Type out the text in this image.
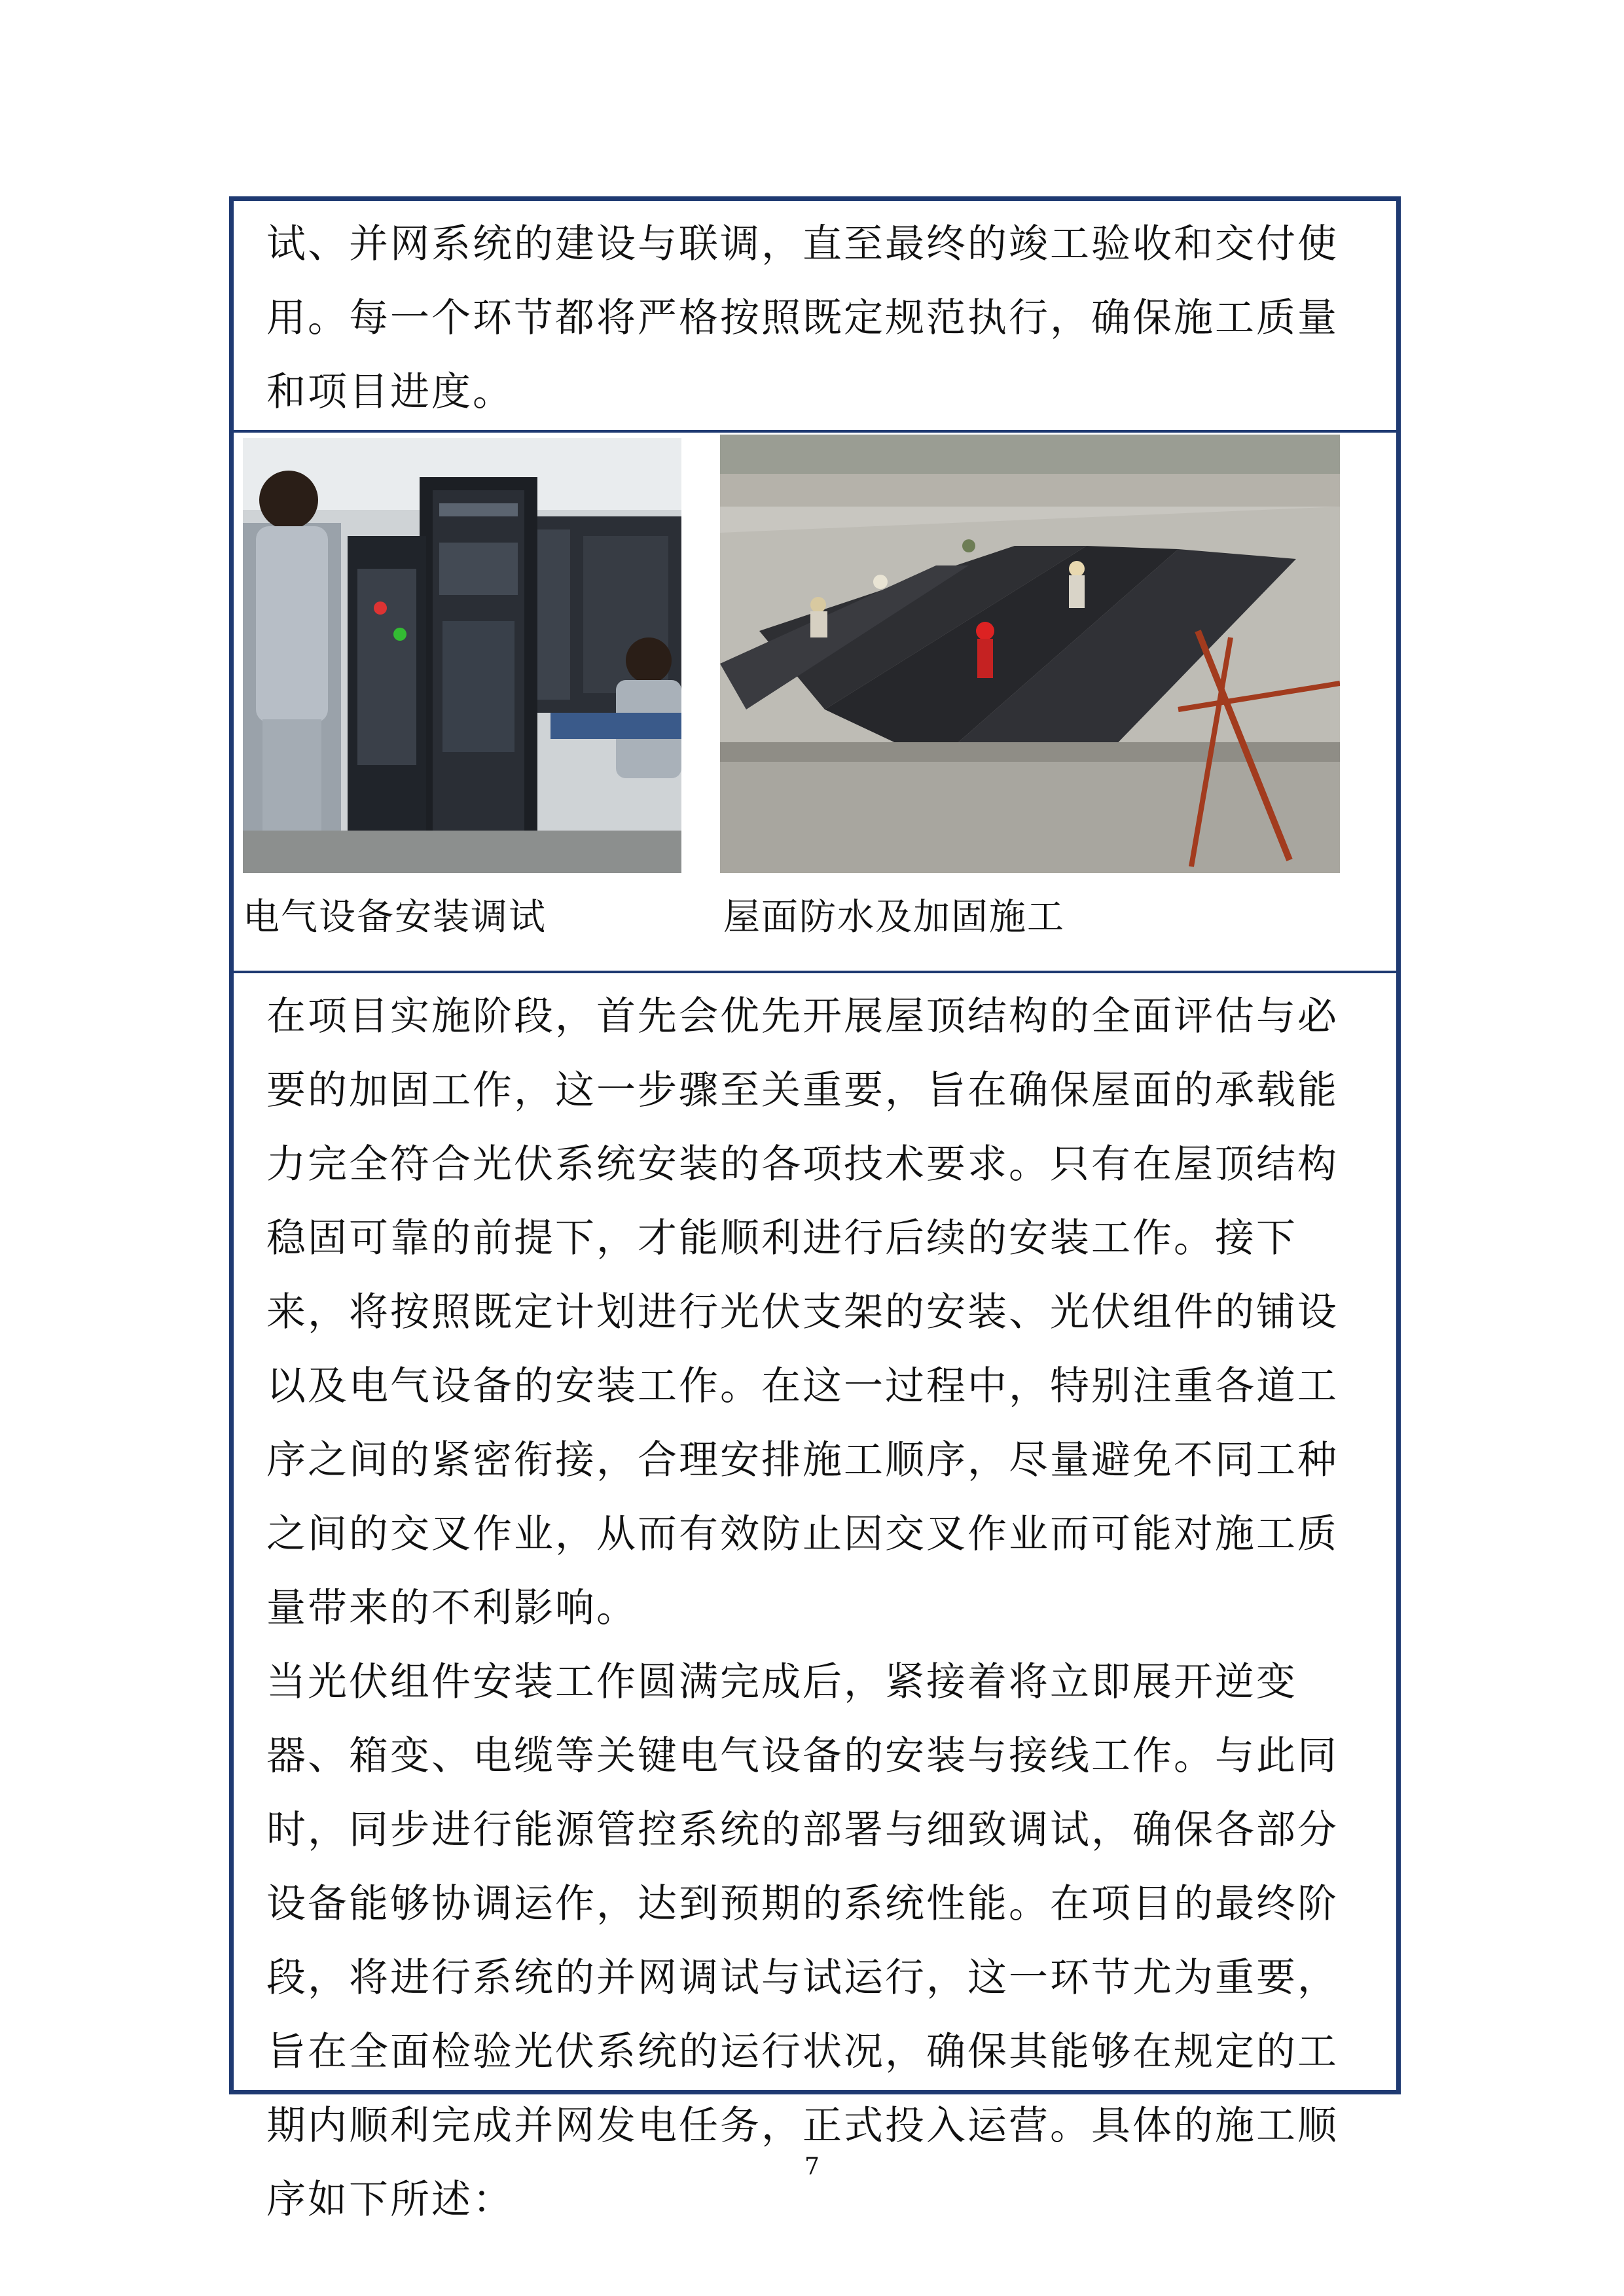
试、并网系统的建设与联调，直至最终的竣工验收和交付使用。每一个环节都将严格按照既定规范执行，确保施工质量和项目进度。

电气设备安装调试	屋面防水及加固施工

在项目实施阶段，首先会优先开展屋顶结构的全面评估与必要的加固工作，这一步骤至关重要，旨在确保屋面的承载能力完全符合光伏系统安装的各项技术要求。只有在屋顶结构稳固可靠的前提下，才能顺利进行后续的安装工作。接下来，将按照既定计划进行光伏支架的安装、光伏组件的铺设以及电气设备的安装工作。在这一过程中，特别注重各道工序之间的紧密衔接，合理安排施工顺序，尽量避免不同工种之间的交叉作业，从而有效防止因交叉作业而可能对施工质量带来的不利影响。

当光伏组件安装工作圆满完成后，紧接着将立即展开逆变器、箱变、电缆等关键电气设备的安装与接线工作。与此同时，同步进行能源管控系统的部署与细致调试，确保各部分设备能够协调运作，达到预期的系统性能。在项目的最终阶段，将进行系统的并网调试与试运行，这一环节尤为重要，旨在全面检验光伏系统的运行状况，确保其能够在规定的工期内顺利完成并网发电任务，正式投入运营。具体的施工顺序如下所述：

7
